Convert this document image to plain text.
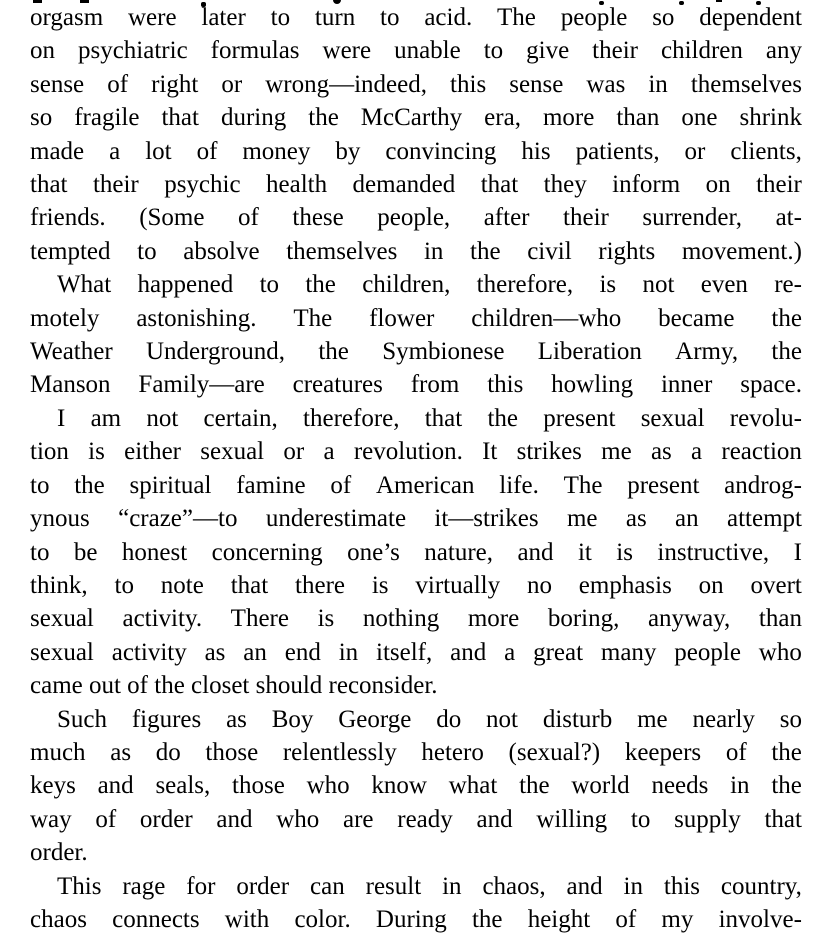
orgasm were later to turn to acid. The people so dependent
on psychiatric formulas were unable to give their children any
sense of right or wrong—indeed, this sense was in themselves
so fragile that during the McCarthy era, more than one shrink
made a lot of money by convincing his patients, or clients,
that their psychic health demanded that they inform on their
friends. (Some of these people, after their surrender, at-
tempted to absolve themselves in the civil rights movement.)
What happened to the children, therefore, is not even re-
motely astonishing. The flower children—who became the
Weather Underground, the Symbionese Liberation Army, the
Manson Family—are creatures from this howling inner space.
I am not certain, therefore, that the present sexual revolu-
tion is either sexual or a revolution. It strikes me as a reaction
to the spiritual famine of American life. The present androg-
ynous “craze”—to underestimate it—strikes me as an attempt
to be honest concerning one’s nature, and it is instructive, I
think, to note that there is virtually no emphasis on overt
sexual activity. There is nothing more boring, anyway, than
sexual activity as an end in itself, and a great many people who
came out of the closet should reconsider.
Such figures as Boy George do not disturb me nearly so
much as do those relentlessly hetero (sexual?) keepers of the
keys and seals, those who know what the world needs in the
way of order and who are ready and willing to supply that
order.
This rage for order can result in chaos, and in this country,
chaos connects with color. During the height of my involve-
